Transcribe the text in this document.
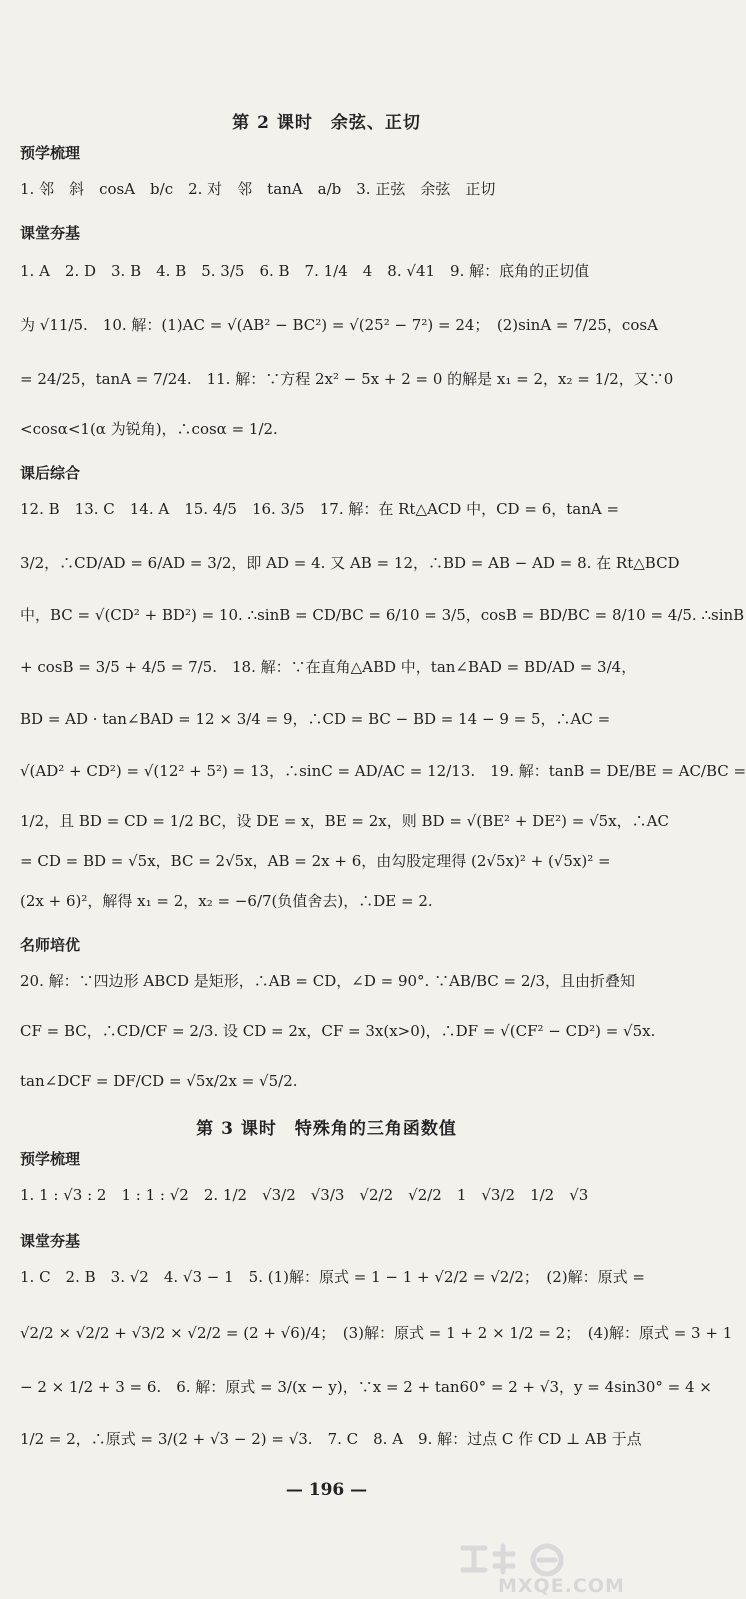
第 2 课时　余弦、正切
预学梳理
1. 邻　斜　cosA　b/c　2. 对　邻　tanA　a/b　3. 正弦　余弦　正切
课堂夯基
1. A　2. D　3. B　4. B　5. 3/5　6. B　7. 1/4　4　8. √41　9. 解：底角的正切值
为 √11/5.　10. 解：(1)AC = √(AB² − BC²) = √(25² − 7²) = 24；　(2)sinA = 7/25，cosA
= 24/25，tanA = 7/24.　11. 解：∵方程 2x² − 5x + 2 = 0 的解是 x₁ = 2，x₂ = 1/2，又∵0
<cosα<1(α 为锐角)，∴cosα = 1/2.
课后综合
12. B　13. C　14. A　15. 4/5　16. 3/5　17. 解：在 Rt△ACD 中，CD = 6，tanA =
3/2，∴CD/AD = 6/AD = 3/2，即 AD = 4. 又 AB = 12，∴BD = AB − AD = 8. 在 Rt△BCD
中，BC = √(CD² + BD²) = 10. ∴sinB = CD/BC = 6/10 = 3/5，cosB = BD/BC = 8/10 = 4/5. ∴sinB
+ cosB = 3/5 + 4/5 = 7/5.　18. 解：∵在直角△ABD 中，tan∠BAD = BD/AD = 3/4，
BD = AD · tan∠BAD = 12 × 3/4 = 9，∴CD = BC − BD = 14 − 9 = 5，∴AC =
√(AD² + CD²) = √(12² + 5²) = 13，∴sinC = AD/AC = 12/13.　19. 解：tanB = DE/BE = AC/BC =
1/2，且 BD = CD = 1/2 BC，设 DE = x，BE = 2x，则 BD = √(BE² + DE²) = √5x，∴AC
= CD = BD = √5x，BC = 2√5x，AB = 2x + 6，由勾股定理得 (2√5x)² + (√5x)² =
(2x + 6)²，解得 x₁ = 2，x₂ = −6/7(负值舍去)，∴DE = 2.
名师培优
20. 解：∵四边形 ABCD 是矩形，∴AB = CD，∠D = 90°. ∵AB/BC = 2/3，且由折叠知
CF = BC，∴CD/CF = 2/3. 设 CD = 2x，CF = 3x(x>0)，∴DF = √(CF² − CD²) = √5x.
tan∠DCF = DF/CD = √5x/2x = √5/2.
第 3 课时　特殊角的三角函数值
预学梳理
1. 1 : √3 : 2　1 : 1 : √2　2. 1/2　√3/2　√3/3　√2/2　√2/2　1　√3/2　1/2　√3
课堂夯基
1. C　2. B　3. √2　4. √3 − 1　5. (1)解：原式 = 1 − 1 + √2/2 = √2/2；　(2)解：原式 =
√2/2 × √2/2 + √3/2 × √2/2 = (2 + √6)/4；　(3)解：原式 = 1 + 2 × 1/2 = 2；　(4)解：原式 = 3 + 1
− 2 × 1/2 + 3 = 6.　6. 解：原式 = 3/(x − y)，∵x = 2 + tan60° = 2 + √3，y = 4sin30° = 4 ×
1/2 = 2，∴原式 = 3/(2 + √3 − 2) = √3.　7. C　8. A　9. 解：过点 C 作 CD ⊥ AB 于点
— 196 —
MXQE.COM
